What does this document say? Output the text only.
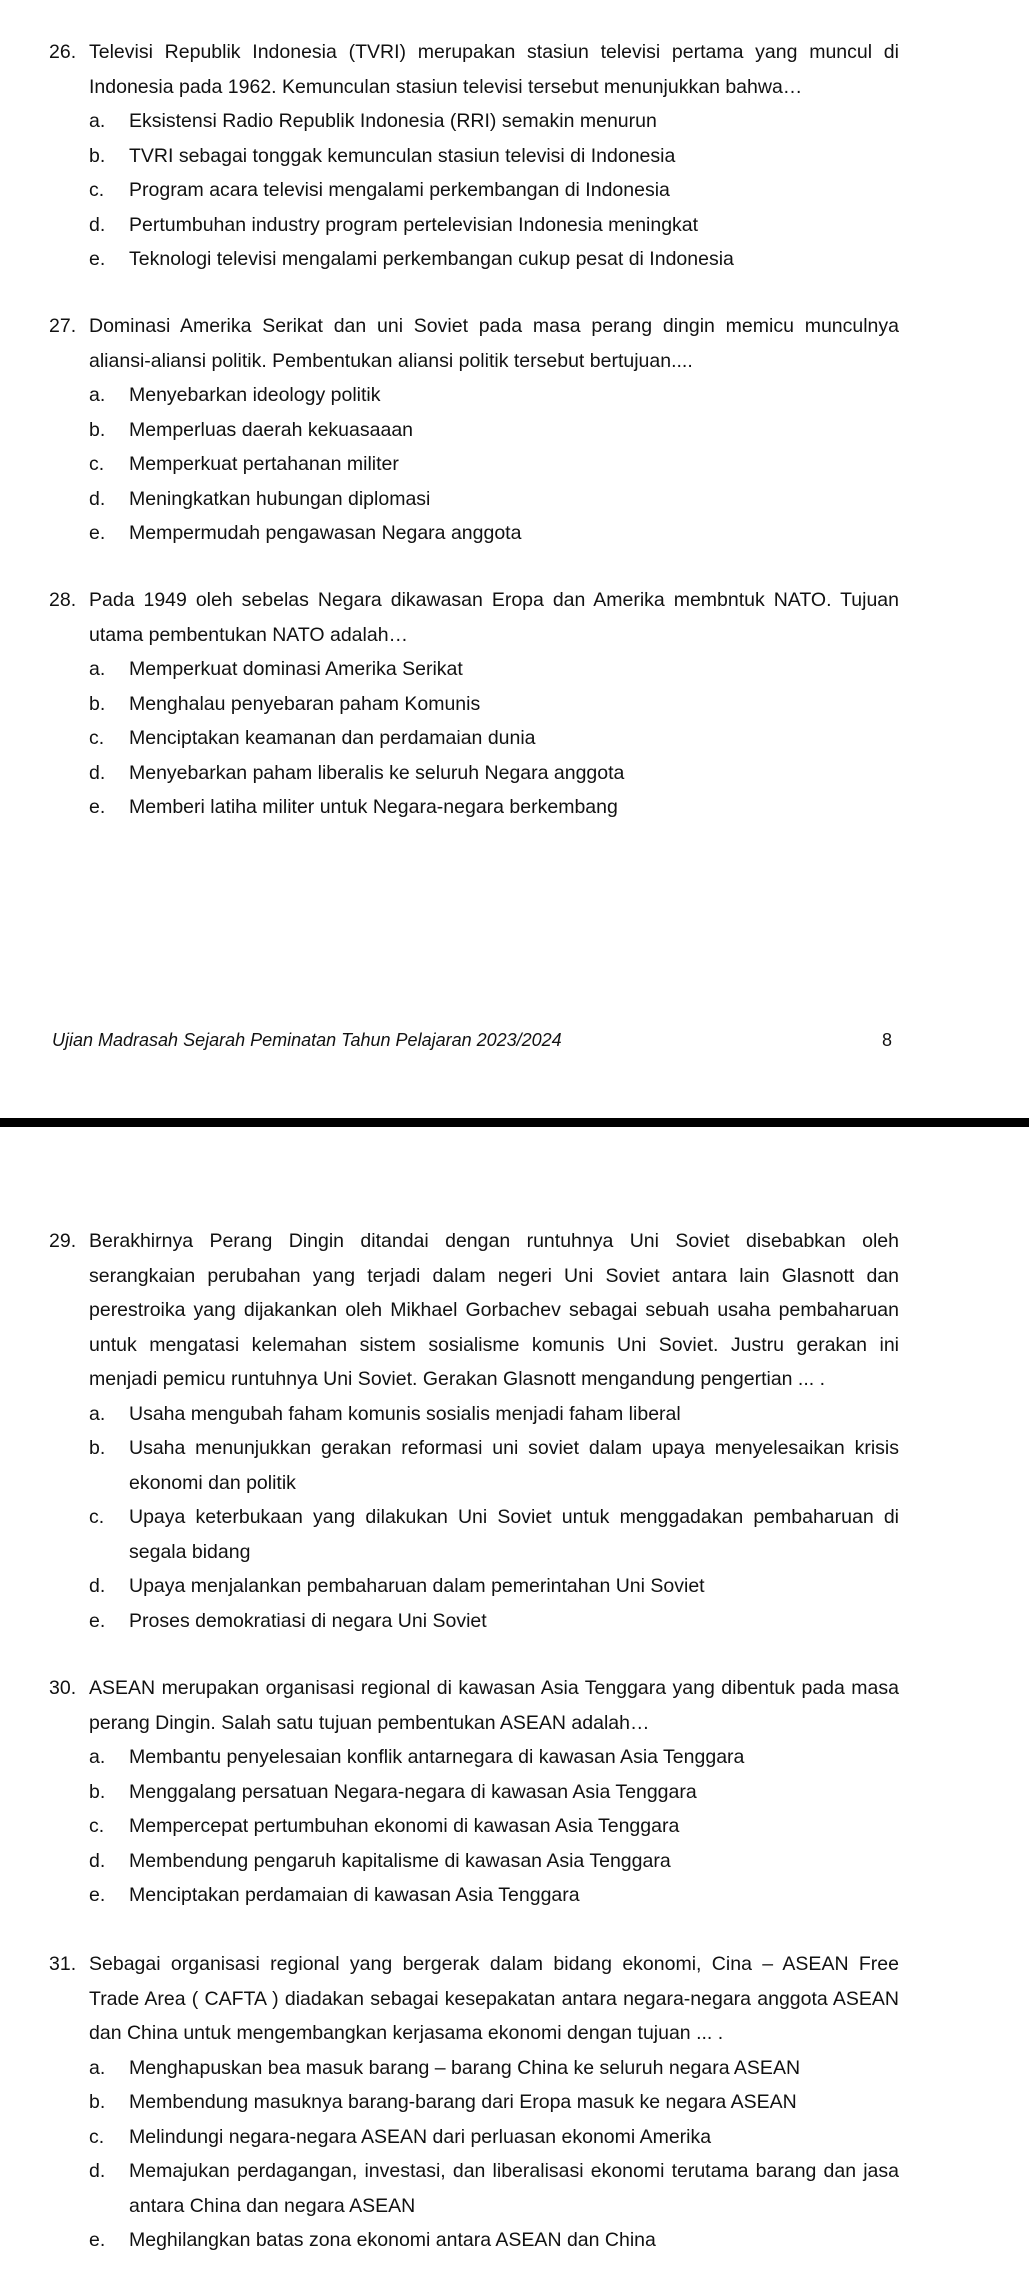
26. Televisi Republik Indonesia (TVRI) merupakan stasiun televisi pertama yang muncul di Indonesia pada 1962. Kemunculan stasiun televisi tersebut menunjukkan bahwa…
a.	Eksistensi Radio Republik Indonesia (RRI) semakin menurun
b.	TVRI sebagai tonggak kemunculan stasiun televisi di Indonesia
c.	Program acara televisi mengalami perkembangan di Indonesia
d.	Pertumbuhan industry program pertelevisian Indonesia meningkat
e.	Teknologi televisi mengalami perkembangan cukup pesat di Indonesia
27. Dominasi Amerika Serikat dan uni Soviet pada masa perang dingin memicu munculnya aliansi-aliansi politik. Pembentukan aliansi politik tersebut bertujuan....
a.	Menyebarkan ideology politik
b.	Memperluas daerah kekuasaaan
c.	Memperkuat pertahanan militer
d.	Meningkatkan hubungan diplomasi
e.	Mempermudah pengawasan Negara anggota
28. Pada 1949 oleh sebelas Negara dikawasan Eropa dan Amerika membntuk NATO. Tujuan utama pembentukan NATO adalah…
a.	Memperkuat dominasi Amerika Serikat
b.	Menghalau penyebaran paham Komunis
c.	Menciptakan keamanan dan perdamaian dunia
d.	Menyebarkan paham liberalis ke seluruh Negara anggota
e.	Memberi latiha militer untuk Negara-negara berkembang
Ujian Madrasah Sejarah Peminatan Tahun Pelajaran 2023/2024	8
29. Berakhirnya Perang Dingin ditandai dengan runtuhnya Uni Soviet disebabkan oleh serangkaian perubahan yang terjadi dalam negeri Uni Soviet antara lain Glasnott dan perestroika yang dijakankan oleh Mikhael Gorbachev sebagai sebuah usaha pembaharuan untuk mengatasi kelemahan sistem sosialisme komunis Uni Soviet. Justru gerakan ini menjadi pemicu runtuhnya Uni Soviet. Gerakan Glasnott mengandung pengertian ... .
a.	Usaha mengubah faham komunis sosialis menjadi faham liberal
b.	Usaha menunjukkan gerakan reformasi uni soviet dalam upaya menyelesaikan krisis ekonomi dan politik
c.	Upaya keterbukaan yang dilakukan Uni Soviet untuk menggadakan pembaharuan di segala bidang
d.	Upaya menjalankan pembaharuan dalam pemerintahan Uni Soviet
e.	Proses demokratiasi di negara Uni Soviet
30. ASEAN merupakan organisasi regional di kawasan Asia Tenggara yang dibentuk pada masa perang Dingin. Salah satu tujuan pembentukan ASEAN adalah…
a.	Membantu penyelesaian konflik antarnegara di kawasan Asia Tenggara
b.	Menggalang persatuan Negara-negara di kawasan Asia Tenggara
c.	Mempercepat pertumbuhan ekonomi di kawasan Asia Tenggara
d.	Membendung pengaruh kapitalisme di kawasan Asia Tenggara
e.	Menciptakan perdamaian di kawasan Asia Tenggara
31. Sebagai organisasi regional yang bergerak dalam bidang ekonomi, Cina – ASEAN Free Trade Area ( CAFTA ) diadakan sebagai kesepakatan antara negara-negara anggota ASEAN dan China untuk mengembangkan kerjasama ekonomi dengan tujuan ... .
a.	Menghapuskan bea masuk barang – barang China ke seluruh negara ASEAN
b.	Membendung masuknya barang-barang dari Eropa masuk ke negara ASEAN
c.	Melindungi negara-negara ASEAN dari perluasan ekonomi Amerika
d.	Memajukan perdagangan, investasi, dan liberalisasi ekonomi terutama barang dan jasa antara China dan negara ASEAN
e.	Meghilangkan batas zona ekonomi antara ASEAN dan China
